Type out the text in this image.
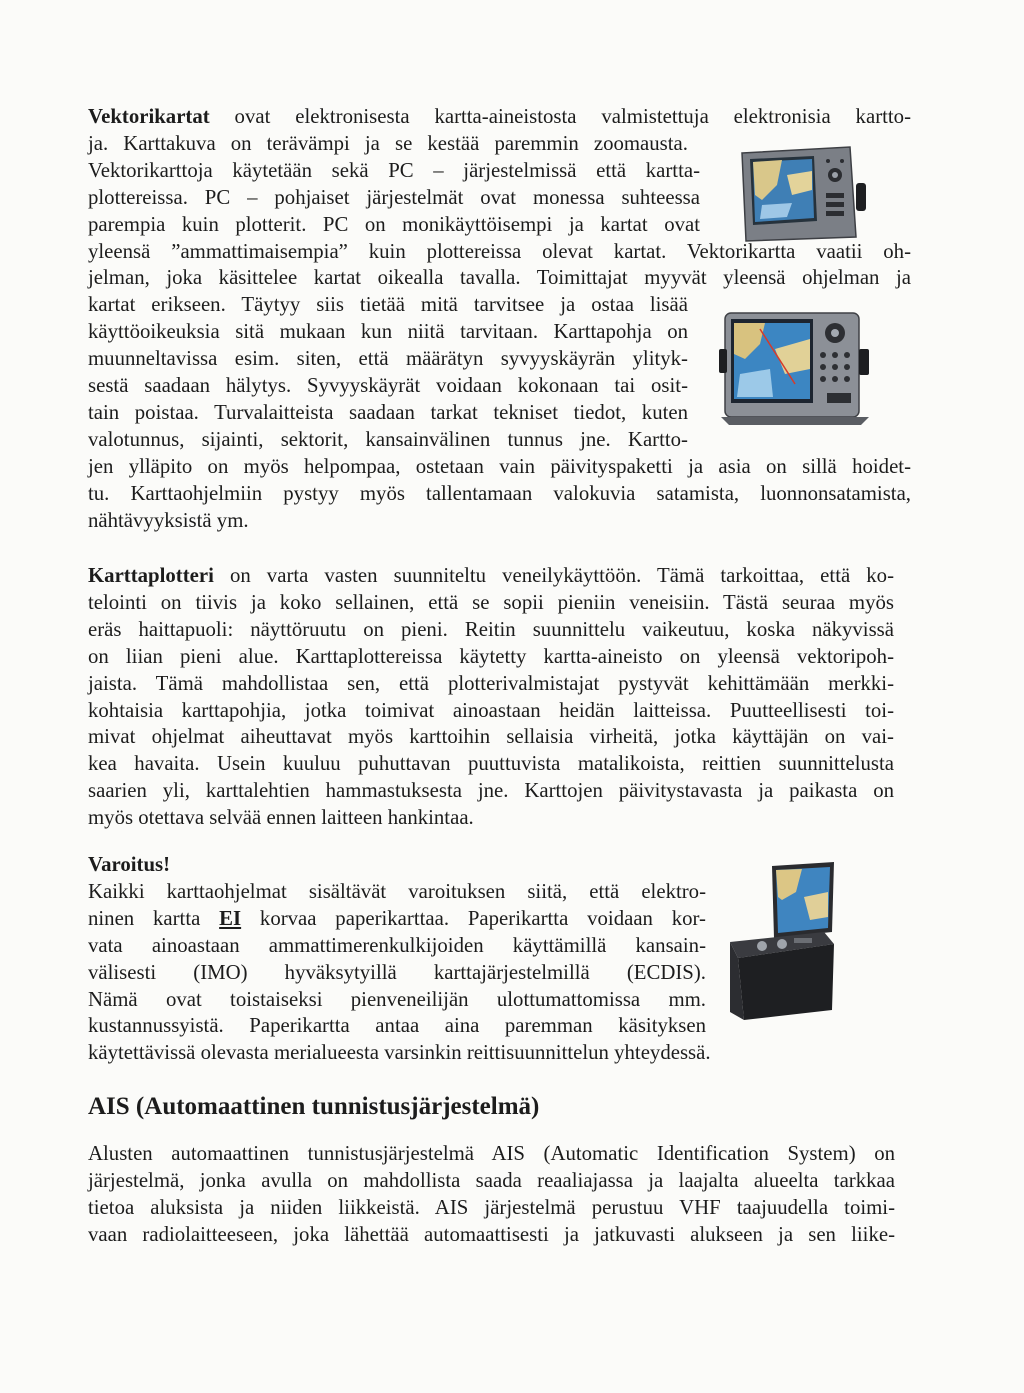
Vektorikartat ovat elektronisesta kartta-aineistosta valmistettuja elektronisia kartto-
ja. Karttakuva on terävämpi ja se kestää paremmin zoomausta.
Vektorikarttoja käytetään sekä PC – järjestelmissä että kartta-
plottereissa. PC – pohjaiset järjestelmät ovat monessa suhteessa
parempia kuin plotterit. PC on monikäyttöisempi ja kartat ovat
yleensä ”ammattimaisempia” kuin plottereissa olevat kartat. Vektorikartta vaatii oh-
jelman, joka käsittelee kartat oikealla tavalla. Toimittajat myyvät yleensä ohjelman ja
kartat erikseen. Täytyy siis tietää mitä tarvitsee ja ostaa lisää
käyttöoikeuksia sitä mukaan kun niitä tarvitaan. Karttapohja on
muunneltavissa esim. siten, että määrätyn syvyyskäyrän ylityk-
sestä saadaan hälytys. Syvyyskäyrät voidaan kokonaan tai osit-
tain poistaa. Turvalaitteista saadaan tarkat tekniset tiedot, kuten
valotunnus, sijainti, sektorit, kansainvälinen tunnus jne. Kartto-
jen ylläpito on myös helpompaa, ostetaan vain päivityspaketti ja asia on sillä hoidet-
tu. Karttaohjelmiin pystyy myös tallentamaan valokuvia satamista, luonnonsatamista,
nähtävyyksistä ym.
Karttaplotteri on varta vasten suunniteltu veneilykäyttöön. Tämä tarkoittaa, että ko-
telointi on tiivis ja koko sellainen, että se sopii pieniin veneisiin. Tästä seuraa myös
eräs haittapuoli: näyttöruutu on pieni. Reitin suunnittelu vaikeutuu, koska näkyvissä
on liian pieni alue. Karttaplottereissa käytetty kartta-aineisto on yleensä vektoripoh-
jaista. Tämä mahdollistaa sen, että plotterivalmistajat pystyvät kehittämään merkki-
kohtaisia karttapohjia, jotka toimivat ainoastaan heidän laitteissa. Puutteellisesti toi-
mivat ohjelmat aiheuttavat myös karttoihin sellaisia virheitä, jotka käyttäjän on vai-
kea havaita. Usein kuuluu puhuttavan puuttuvista matalikoista, reittien suunnittelusta
saarien yli, karttalehtien hammastuksesta jne. Karttojen päivitystavasta ja paikasta on
myös otettava selvää ennen laitteen hankintaa.
Varoitus!
Kaikki karttaohjelmat sisältävät varoituksen siitä, että elektro-
ninen kartta EI korvaa paperikarttaa. Paperikartta voidaan kor-
vata ainoastaan ammattimerenkulkijoiden käyttämillä kansain-
välisesti (IMO) hyväksytyillä karttajärjestelmillä (ECDIS).
Nämä ovat toistaiseksi pienveneilijän ulottumattomissa mm.
kustannussyistä. Paperikartta antaa aina paremman käsityksen
käytettävissä olevasta merialueesta varsinkin reittisuunnittelun yhteydessä.
AIS (Automaattinen tunnistusjärjestelmä)
Alusten automaattinen tunnistusjärjestelmä AIS (Automatic Identification System) on
järjestelmä, jonka avulla on mahdollista saada reaaliajassa ja laajalta alueelta tarkkaa
tietoa aluksista ja niiden liikkeistä. AIS järjestelmä perustuu VHF taajuudella toimi-
vaan radiolaitteeseen, joka lähettää automaattisesti ja jatkuvasti alukseen ja sen liike-
